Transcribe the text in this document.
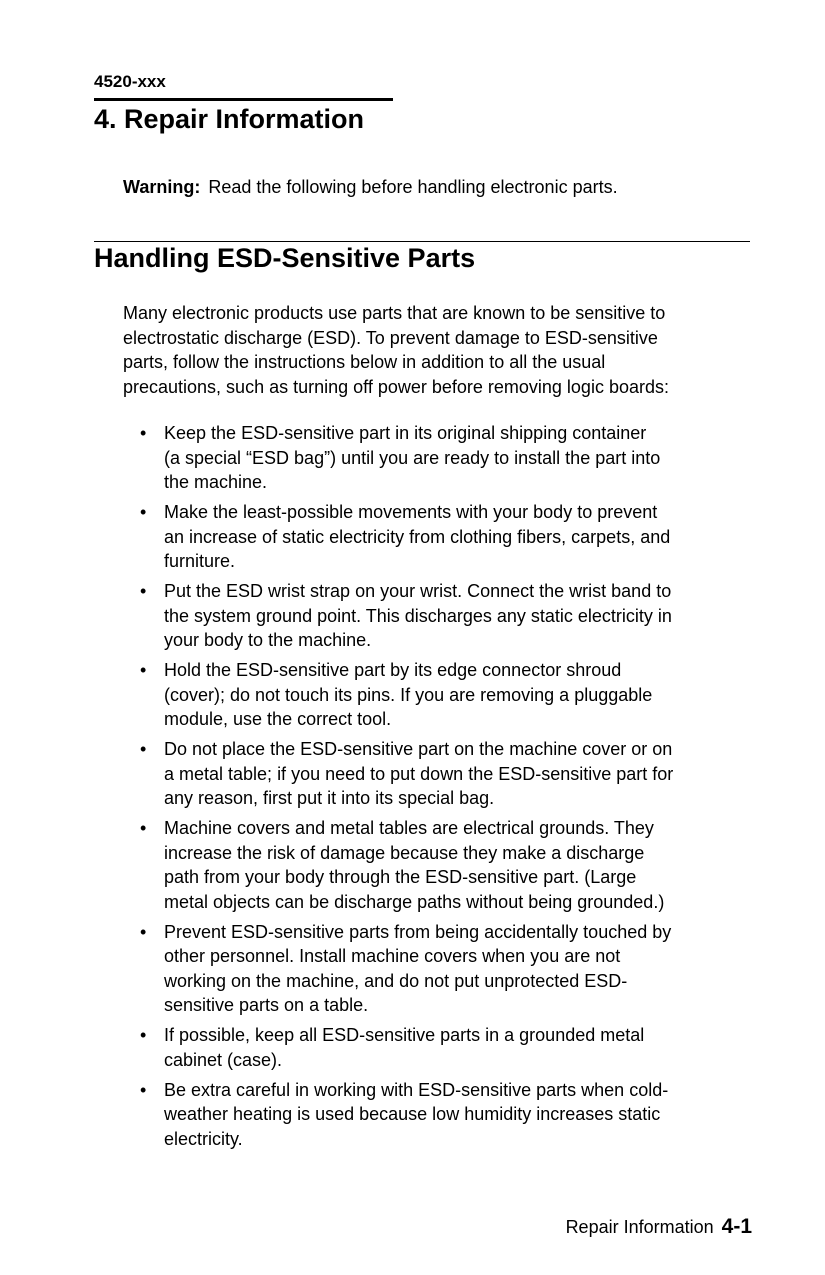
4520-xxx
4. Repair Information
Warning: Read the following before handling electronic parts.
Handling ESD-Sensitive Parts
Many electronic products use parts that are known to be sensitive to
electrostatic discharge (ESD). To prevent damage to ESD-sensitive
parts, follow the instructions below in addition to all the usual
precautions, such as turning off power before removing logic boards:
• Keep the ESD-sensitive part in its original shipping container
(a special “ESD bag”) until you are ready to install the part into
the machine.
• Make the least-possible movements with your body to prevent
an increase of static electricity from clothing fibers, carpets, and
furniture.
• Put the ESD wrist strap on your wrist. Connect the wrist band to
the system ground point. This discharges any static electricity in
your body to the machine.
• Hold the ESD-sensitive part by its edge connector shroud
(cover); do not touch its pins. If you are removing a pluggable
module, use the correct tool.
• Do not place the ESD-sensitive part on the machine cover or on
a metal table; if you need to put down the ESD-sensitive part for
any reason, first put it into its special bag.
• Machine covers and metal tables are electrical grounds. They
increase the risk of damage because they make a discharge
path from your body through the ESD-sensitive part. (Large
metal objects can be discharge paths without being grounded.)
• Prevent ESD-sensitive parts from being accidentally touched by
other personnel. Install machine covers when you are not
working on the machine, and do not put unprotected ESD-
sensitive parts on a table.
• If possible, keep all ESD-sensitive parts in a grounded metal
cabinet (case).
• Be extra careful in working with ESD-sensitive parts when cold-
weather heating is used because low humidity increases static
electricity.
Repair Information 4-1
